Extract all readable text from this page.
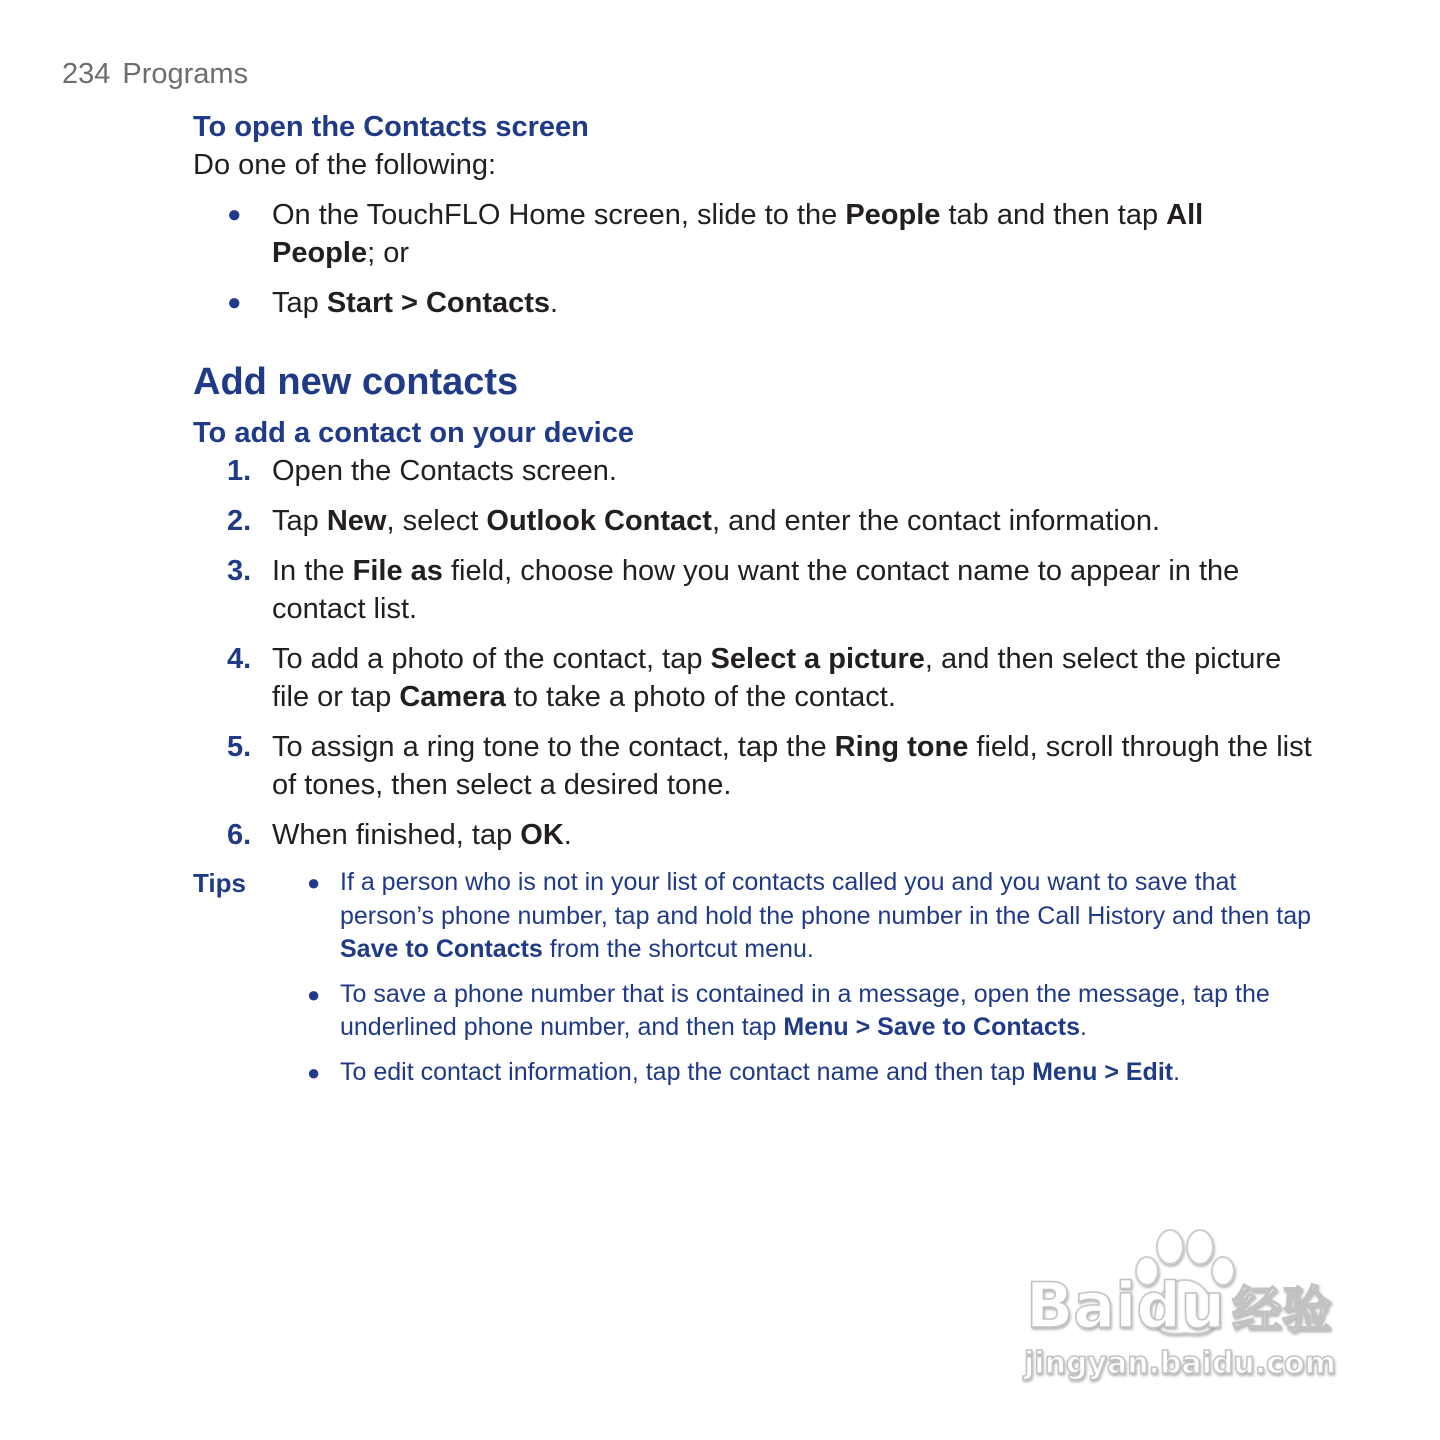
234 Programs
To open the Contacts screen

Do one of the following:

● On the TouchFLO Home screen, slide to the People tab and then tap All People; or
● Tap Start > Contacts.
Add new contacts
To add a contact on your device
1. Open the Contacts screen.
2. Tap New, select Outlook Contact, and enter the contact information.
3. In the File as field, choose how you want the contact name to appear in the contact list.
4. To add a photo of the contact, tap Select a picture, and then select the picture file or tap Camera to take a photo of the contact.
5. To assign a ring tone to the contact, tap the Ring tone field, scroll through the list of tones, then select a desired tone.
6. When finished, tap OK.
Tips	● If a person who is not in your list of contacts called you and you want to save that person’s phone number, tap and hold the phone number in the Call History and then tap Save to Contacts from the shortcut menu.
● To save a phone number that is contained in a message, open the message, tap the underlined phone number, and then tap Menu > Save to Contacts.
● To edit contact information, tap the contact name and then tap Menu > Edit.
Baidu 经验
jingyan.baidu.com
